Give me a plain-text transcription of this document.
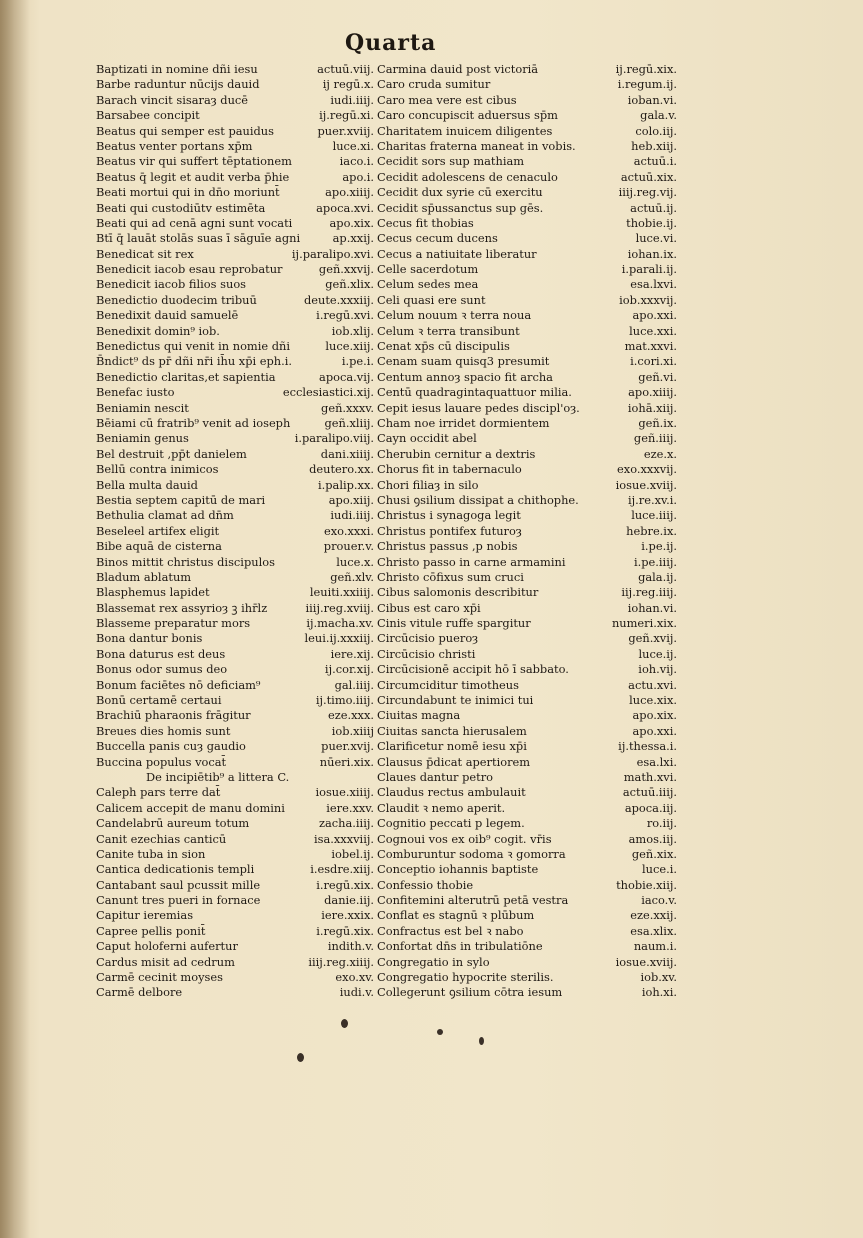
Quarta
Baptizati in nomine dñi iesu	actuū.viij.
Barbe raduntur nūcijs dauid	ij regū.x.
Barach vincit sisaraȝ ducē	iudi.iiij.
Barsabee concipit	ij.regū.xi.
Beatus qui semper est pauidus	puer.xviij.
Beatus venter portans xp̄m	luce.xi.
Beatus vir qui suffert tēptationem	iaco.i.
Beatus q̄ legit et audit verba p̄hie	apo.i.
Beati mortui qui in dn̄o moriunt̄	apo.xiiij.
Beati qui custodiūtv estimēta	apoca.xvi.
Beati qui ad cenā agni sunt vocati	apo.xix.
Btī q̄ lauāt stolās suas ī sāguīe agni	ap.xxij.
Benedicat sit rex	ij.paralipo.xvi.
Benedicit iacob esau reprobatur	geñ.xxvij.
Benedicit iacob filios suos	geñ.xlix.
Benedictio duodecim tribuū	deute.xxxiij.
Benedixit dauid samuelē	i.regū.xvi.
Benedixit domin⁹ iob.	iob.xlij.
Benedictus qui venit in nomie dñi	luce.xiij.
B̄ndict⁹ ds pr̄ dñi nr̄i ih̄u xp̄i eph.i.	i.pe.i.
Benedictio claritas,et sapientia	apoca.vij.
Benefac iusto	ecclesiastici.xij.
Beniamin nescit	geñ.xxxv.
Bēiami cū fratrib⁹ venit ad ioseph	geñ.xliij.
Beniamin genus	i.paralipo.viij.
Bel destruit ,pp̄t danielem	dani.xiiij.
Bellū contra inimicos	deutero.xx.
Bella multa dauid	i.palip.xx.
Bestia septem capitū de mari	apo.xiij.
Bethulia clamat ad dn̄m	iudi.iiij.
Beseleel artifex eligit	exo.xxxi.
Bibe aquā de cisterna	prouer.v.
Binos mittit christus discipulos	luce.x.
Bladum ablatum	geñ.xlv.
Blasphemus lapidet	leuiti.xxiiij.
Blassemat rex assyrioȝ ꝫ ihr̄lz	iiij.reg.xviij.
Blasseme preparatur mors	ij.macha.xv.
Bona dantur bonis	leui.ij.xxxiij.
Bona daturus est deus	iere.xij.
Bonus odor sumus deo	ij.cor.xij.
Bonum faciētes nō deficiam⁹	gal.iiij.
Bonū certamē certaui	ij.timo.iiij.
Brachiū pharaonis frāgitur	eze.xxx.
Breues dies homis sunt	iob.xiiij
Buccella panis cuȝ gaudio	puer.xvij.
Buccina populus vocat̄	nūeri.xix.
De incipiētib⁹ a littera C.
Caleph pars terre dat̄	iosue.xiiij.
Calicem accepit de manu domini	iere.xxv.
Candelabrū aureum totum	zacha.iiij.
Canit ezechias canticū	isa.xxxviij.
Canite tuba in sion	iobel.ij.
Cantica dedicationis templi	i.esdre.xiij.
Cantabant saul pcussit mille	i.regū.xix.
Canunt tres pueri in fornace	danie.iij.
Capitur ieremias	iere.xxix.
Capree pellis ponit̄	i.regū.xix.
Caput holoferni aufertur	indith.v.
Cardus misit ad cedrum	iiij.reg.xiiij.
Carmē cecinit moyses	exo.xv.
Carmē delbore	iudi.v.
Carmina dauid post victoriā	ij.regū.xix.
Caro cruda sumitur	i.regum.ij.
Caro mea vere est cibus	ioban.vi.
Caro concupiscit aduersus sp̄m	gala.v.
Charitatem inuicem diligentes	colo.iij.
Charitas fraterna maneat in vobis.	heb.xiij.
Cecidit sors sup mathiam	actuū.i.
Cecidit adolescens de cenaculo	actuū.xix.
Cecidit dux syrie cū exercitu	iiij.reg.vij.
Cecidit sp̄ussanctus sup gēs.	actuū.ij.
Cecus fit thobias	thobie.ij.
Cecus cecum ducens	luce.vi.
Cecus a natiuitate liberatur	iohan.ix.
Celle sacerdotum	i.parali.ij.
Celum sedes mea	esa.lxvi.
Celi quasi ere sunt	iob.xxxvij.
Celum nouum ꝛ terra noua	apo.xxi.
Celum ꝛ terra transibunt	luce.xxi.
Cenat xp̄s cū discipulis	mat.xxvi.
Cenam suam quisq3 presumit	i.cori.xi.
Centum annoȝ spacio fit archa	geñ.vi.
Centū quadragintaquattuor milia.	apo.xiiij.
Cepit iesus lauare pedes discipl'oȝ.	iohā.xiij.
Cham noe irridet dormientem	geñ.ix.
Cayn occidit abel	geñ.iiij.
Cherubin cernitur a dextris	eze.x.
Chorus fit in tabernaculo	exo.xxxvij.
Chori filiaȝ in silo	iosue.xviij.
Chusi ꝯsilium dissipat a chithophe.	ij.re.xv.i.
Christus i synagoga legit	luce.iiij.
Christus pontifex futuroȝ	hebre.ix.
Christus passus ,p nobis	i.pe.ij.
Christo passo in carne armamini	i.pe.iiij.
Christo cōfixus sum cruci	gala.ij.
Cibus salomonis describitur	iij.reg.iiij.
Cibus est caro xp̄i	iohan.vi.
Cinis vitule ruffe spargitur	numeri.xix.
Circūcisio pueroȝ	geñ.xvij.
Circūcisio christi	luce.ij.
Circūcisionē accipit hō ī sabbato.	ioh.vij.
Circumciditur timotheus	actu.xvi.
Circundabunt te inimici tui	luce.xix.
Ciuitas magna	apo.xix.
Ciuitas sancta hierusalem	apo.xxi.
Clarificetur nomē iesu xp̄i	ij.thessa.i.
Clausus p̄dicat apertiorem	esa.lxi.
Claues dantur petro	math.xvi.
Claudus rectus ambulauit	actuū.iiij.
Claudit ꝛ nemo aperit.	apoca.iij.
Cognitio peccati p legem.	ro.iij.
Cognoui vos ex oib⁹ cogit. vr̄is	amos.iij.
Comburuntur sodoma ꝛ gomorra	geñ.xix.
Conceptio iohannis baptiste	luce.i.
Confessio thobie	thobie.xiij.
Confitemini alterutrū petā vestra	iaco.v.
Conflat es stagnū ꝛ plūbum	eze.xxij.
Confractus est bel ꝛ nabo	esa.xlix.
Confortat dn̄s in tribulatiōne	naum.i.
Congregatio in sylo	iosue.xviij.
Congregatio hypocrite sterilis.	iob.xv.
Collegerunt ꝯsilium cōtra iesum	ioh.xi.
